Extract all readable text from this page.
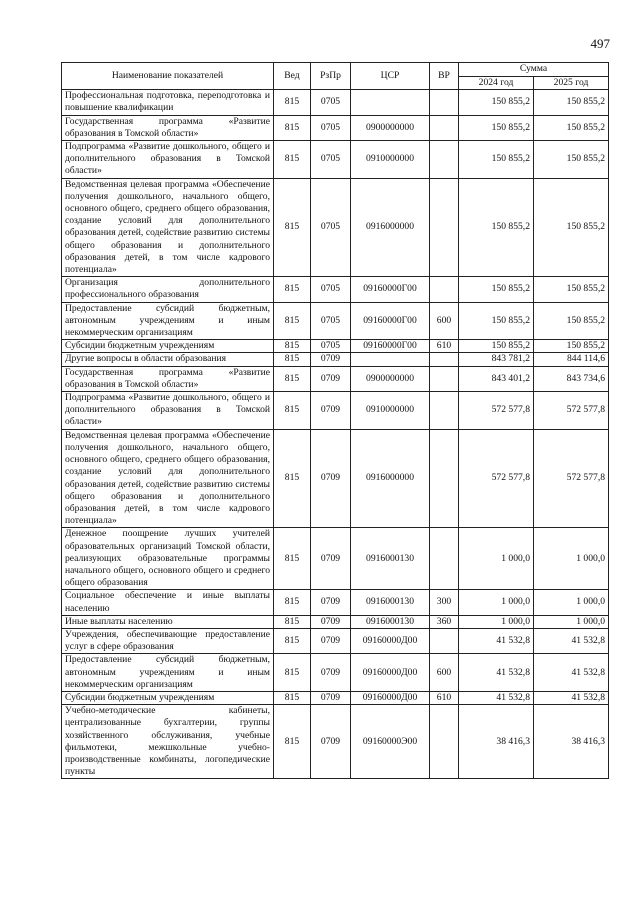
497
Наименование показателей	Вед	РзПр	ЦСР	ВР	Сумма	
					2024 год	2025 год
Профессиональная подготовка, переподготовка и повышение квалификации	815	0705			150 855,2	150 855,2
Государственная программа «Развитие образования в Томской области»	815	0705	0900000000		150 855,2	150 855,2
Подпрограмма «Развитие дошкольного, общего и дополнительного образования в Томской области»	815	0705	0910000000		150 855,2	150 855,2
Ведомственная целевая программа «Обеспечение получения дошкольного, начального общего, основного общего, среднего общего образования, создание условий для дополнительного образования детей, содействие развитию системы общего образования и дополнительного образования детей, в том числе кадрового потенциала»	815	0705	0916000000		150 855,2	150 855,2
Организация дополнительного профессионального образования	815	0705	09160000Г00		150 855,2	150 855,2
Предоставление субсидий бюджетным, автономным учреждениям и иным некоммерческим организациям	815	0705	09160000Г00	600	150 855,2	150 855,2
Субсидии бюджетным учреждениям	815	0705	09160000Г00	610	150 855,2	150 855,2
Другие вопросы в области образования	815	0709			843 781,2	844 114,6
Государственная программа «Развитие образования в Томской области»	815	0709	0900000000		843 401,2	843 734,6
Подпрограмма «Развитие дошкольного, общего и дополнительного образования в Томской области»	815	0709	0910000000		572 577,8	572 577,8
Ведомственная целевая программа «Обеспечение получения дошкольного, начального общего, основного общего, среднего общего образования, создание условий для дополнительного образования детей, содействие развитию системы общего образования и дополнительного образования детей, в том числе кадрового потенциала»	815	0709	0916000000		572 577,8	572 577,8
Денежное поощрение лучших учителей образовательных организаций Томской области, реализующих образовательные программы начального общего, основного общего и среднего общего образования	815	0709	0916000130		1 000,0	1 000,0
Социальное обеспечение и иные выплаты населению	815	0709	0916000130	300	1 000,0	1 000,0
Иные выплаты населению	815	0709	0916000130	360	1 000,0	1 000,0
Учреждения, обеспечивающие предоставление услуг в сфере образования	815	0709	09160000Д00		41 532,8	41 532,8
Предоставление субсидий бюджетным, автономным учреждениям и иным некоммерческим организациям	815	0709	09160000Д00	600	41 532,8	41 532,8
Субсидии бюджетным учреждениям	815	0709	09160000Д00	610	41 532,8	41 532,8
Учебно-методические кабинеты, централизованные бухгалтерии, группы хозяйственного обслуживания, учебные фильмотеки, межшкольные учебно-производственные комбинаты, логопедические пункты	815	0709	09160000Э00		38 416,3	38 416,3
